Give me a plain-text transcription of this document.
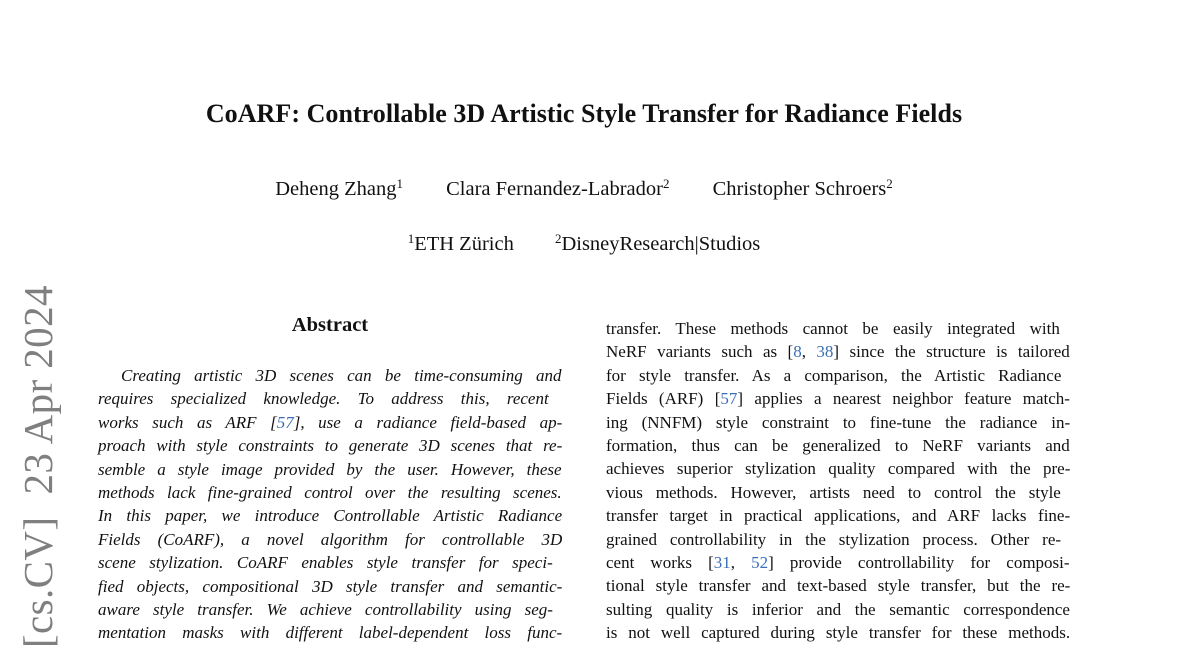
CoARF: Controllable 3D Artistic Style Transfer for Radiance Fields
Deheng Zhang$^1$ Clara Fernandez-Labrador$^2$ Christopher Schroers$^2$
$^1$ETH Zürich	$^2$DisneyResearch|Studios
[cs.CV]23 Apr 2024	Abstract
Creating artistic 3D scenes can be time-consuming and
requires specialized knowledge. To address this, recent
works such as ARF [57], use a radiance field-based ap-
proach with style constraints to generate 3D scenes that re-
semble a style image provided by the user. However, these
methods lack fine-grained control over the resulting scenes.
In this paper, we introduce Controllable Artistic Radiance
Fields (CoARF), a novel algorithm for controllable 3D
scene stylization. CoARF enables style transfer for speci-
fied objects, compositional 3D style transfer and semantic-
aware style transfer. We achieve controllability using seg-
mentation masks with different label-dependent loss func-
transfer. These methods cannot be easily integrated with
NeRF variants such as [8, 38] since the structure is tailored
for style transfer. As a comparison, the Artistic Radiance
Fields (ARF) [57] applies a nearest neighbor feature match-
ing (NNFM) style constraint to fine-tune the radiance in-
formation, thus can be generalized to NeRF variants and
achieves superior stylization quality compared with the pre-
vious methods. However, artists need to control the style
transfer target in practical applications, and ARF lacks fine-
grained controllability in the stylization process. Other re-
cent works [31, 52] provide controllability for composi-
tional style transfer and text-based style transfer, but the re-
sulting quality is inferior and the semantic correspondence
is not well captured during style transfer for these methods.
